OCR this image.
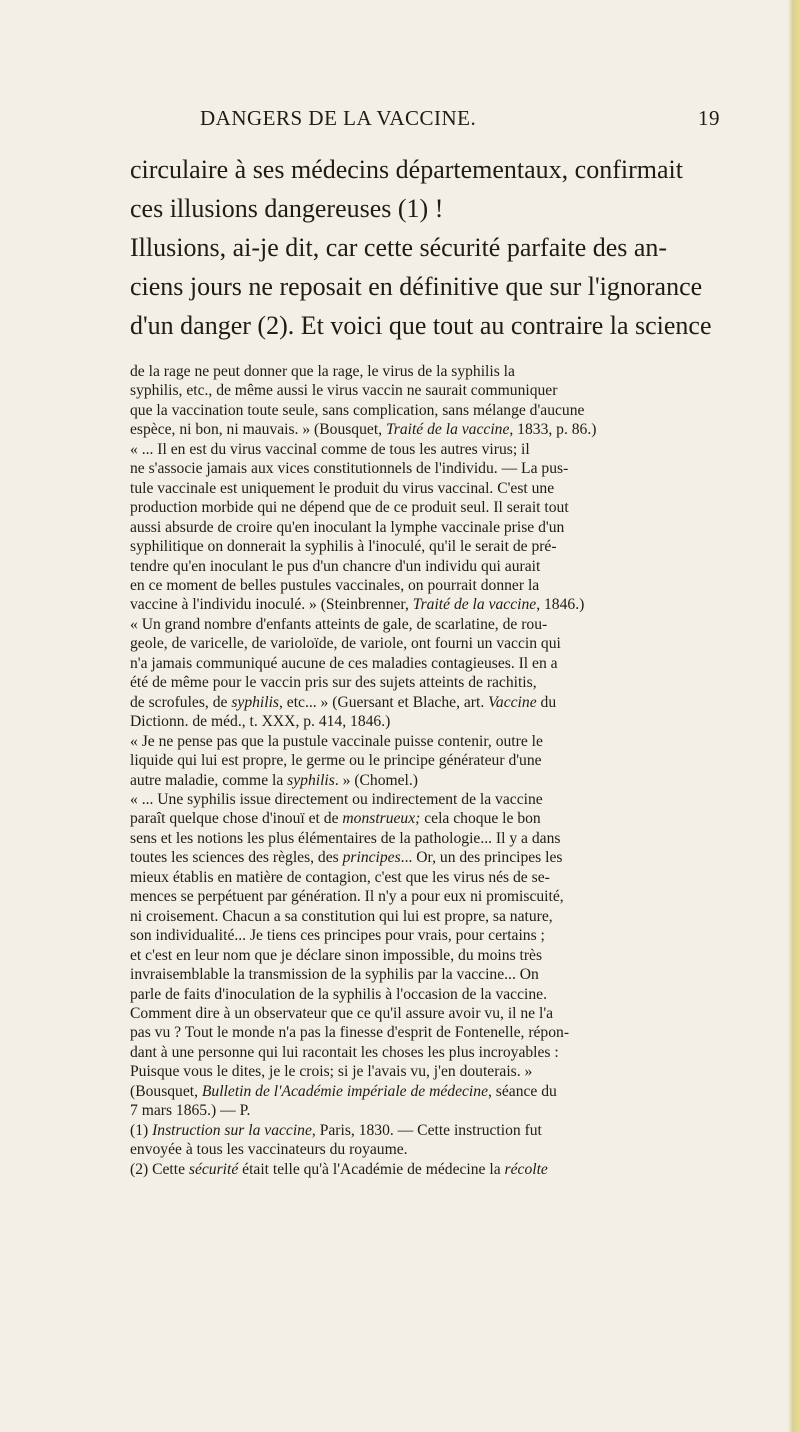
DANGERS DE LA VACCINE.	19
circulaire à ses médecins départementaux, confirmait
ces illusions dangereuses (1) !
Illusions, ai-je dit, car cette sécurité parfaite des an-
ciens jours ne reposait en définitive que sur l'ignorance
d'un danger (2). Et voici que tout au contraire la science
de la rage ne peut donner que la rage, le virus de la syphilis la
syphilis, etc., de même aussi le virus vaccin ne saurait communiquer
que la vaccination toute seule, sans complication, sans mélange d'aucune
espèce, ni bon, ni mauvais. » (Bousquet, Traité de la vaccine, 1833, p. 86.)
« ... Il en est du virus vaccinal comme de tous les autres virus; il
ne s'associe jamais aux vices constitutionnels de l'individu. — La pus-
tule vaccinale est uniquement le produit du virus vaccinal. C'est une
production morbide qui ne dépend que de ce produit seul. Il serait tout
aussi absurde de croire qu'en inoculant la lymphe vaccinale prise d'un
syphilitique on donnerait la syphilis à l'inoculé, qu'il le serait de pré-
tendre qu'en inoculant le pus d'un chancre d'un individu qui aurait
en ce moment de belles pustules vaccinales, on pourrait donner la
vaccine à l'individu inoculé. » (Steinbrenner, Traité de la vaccine, 1846.)
« Un grand nombre d'enfants atteints de gale, de scarlatine, de rou-
geole, de varicelle, de varioloïde, de variole, ont fourni un vaccin qui
n'a jamais communiqué aucune de ces maladies contagieuses. Il en a
été de même pour le vaccin pris sur des sujets atteints de rachitis,
de scrofules, de syphilis, etc... » (Guersant et Blache, art. Vaccine du
Dictionn. de méd., t. XXX, p. 414, 1846.)
« Je ne pense pas que la pustule vaccinale puisse contenir, outre le
liquide qui lui est propre, le germe ou le principe générateur d'une
autre maladie, comme la syphilis. » (Chomel.)
« ... Une syphilis issue directement ou indirectement de la vaccine
paraît quelque chose d'inouï et de monstrueux; cela choque le bon
sens et les notions les plus élémentaires de la pathologie... Il y a dans
toutes les sciences des règles, des principes... Or, un des principes les
mieux établis en matière de contagion, c'est que les virus nés de se-
mences se perpétuent par génération. Il n'y a pour eux ni promiscuité,
ni croisement. Chacun a sa constitution qui lui est propre, sa nature,
son individualité... Je tiens ces principes pour vrais, pour certains ;
et c'est en leur nom que je déclare sinon impossible, du moins très
invraisemblable la transmission de la syphilis par la vaccine... On
parle de faits d'inoculation de la syphilis à l'occasion de la vaccine.
Comment dire à un observateur que ce qu'il assure avoir vu, il ne l'a
pas vu ? Tout le monde n'a pas la finesse d'esprit de Fontenelle, répon-
dant à une personne qui lui racontait les choses les plus incroyables :
Puisque vous le dites, je le crois; si je l'avais vu, j'en douterais. »
(Bousquet, Bulletin de l'Académie impériale de médecine, séance du
7 mars 1865.) — P.
(1) Instruction sur la vaccine, Paris, 1830. — Cette instruction fut
envoyée à tous les vaccinateurs du royaume.
(2) Cette sécurité était telle qu'à l'Académie de médecine la récolte
